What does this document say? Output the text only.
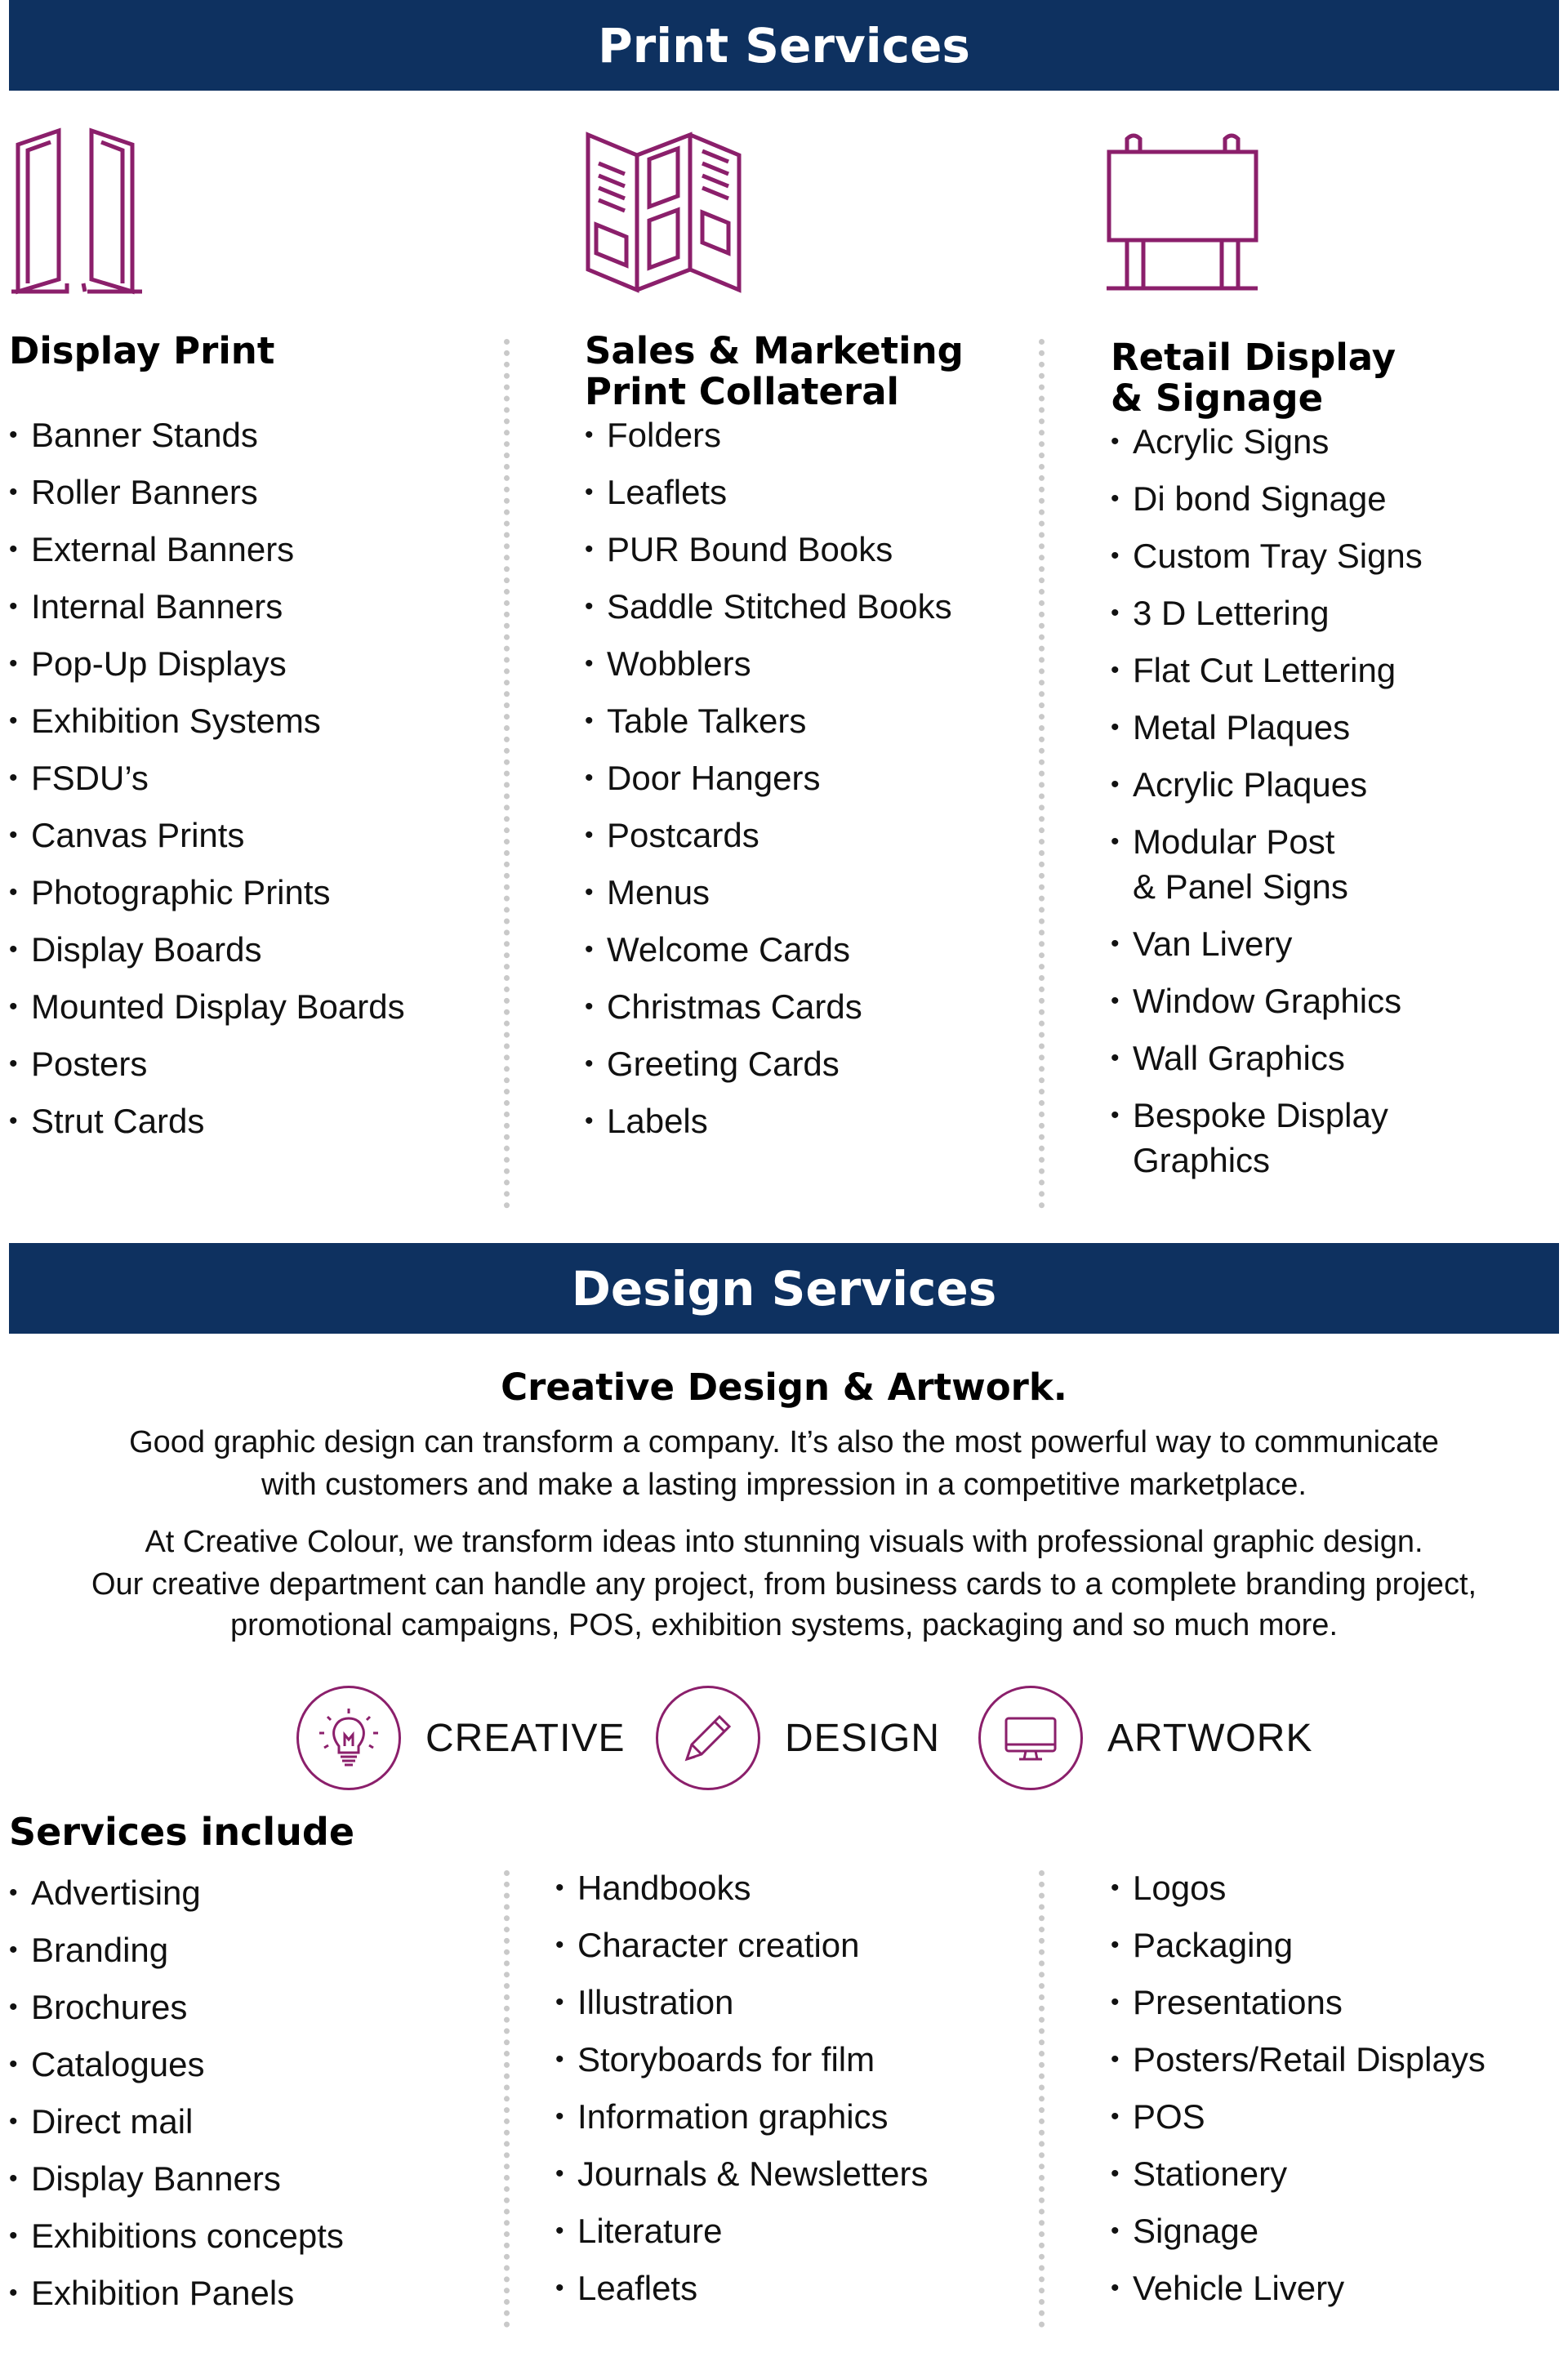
Print Services
Display Print
• Banner Stands
• Roller Banners
• External Banners
• Internal Banners
• Pop-Up Displays
• Exhibition Systems
• FSDU’s
• Canvas Prints
• Photographic Prints
• Display Boards
• Mounted Display Boards
• Posters
• Strut Cards
Sales & Marketing
Print Collateral
• Folders
• Leaflets
• PUR Bound Books
• Saddle Stitched Books
• Wobblers
• Table Talkers
• Door Hangers
• Postcards
• Menus
• Welcome Cards
• Christmas Cards
• Greeting Cards
• Labels
Retail Display
& Signage
• Acrylic Signs
• Di bond Signage
• Custom Tray Signs
• 3 D Lettering
• Flat Cut Lettering
• Metal Plaques
• Acrylic Plaques
• Modular Post
& Panel Signs
• Van Livery
• Window Graphics
• Wall Graphics
• Bespoke Display
Graphics
Design Services
Creative Design & Artwork.
Good graphic design can transform a company. It’s also the most powerful way to communicate
with customers and make a lasting impression in a competitive marketplace.
At Creative Colour, we transform ideas into stunning visuals with professional graphic design.
Our creative department can handle any project, from business cards to a complete branding project,
promotional campaigns, POS, exhibition systems, packaging and so much more.
CREATIVE	DESIGN	ARTWORK
Services include
• Advertising
• Branding
• Brochures
• Catalogues
• Direct mail
• Display Banners
• Exhibitions concepts
• Exhibition Panels
• Handbooks
• Character creation
• Illustration
• Storyboards for film
• Information graphics
• Journals & Newsletters
• Literature
• Leaflets
• Logos
• Packaging
• Presentations
• Posters/Retail Displays
• POS
• Stationery
• Signage
• Vehicle Livery
